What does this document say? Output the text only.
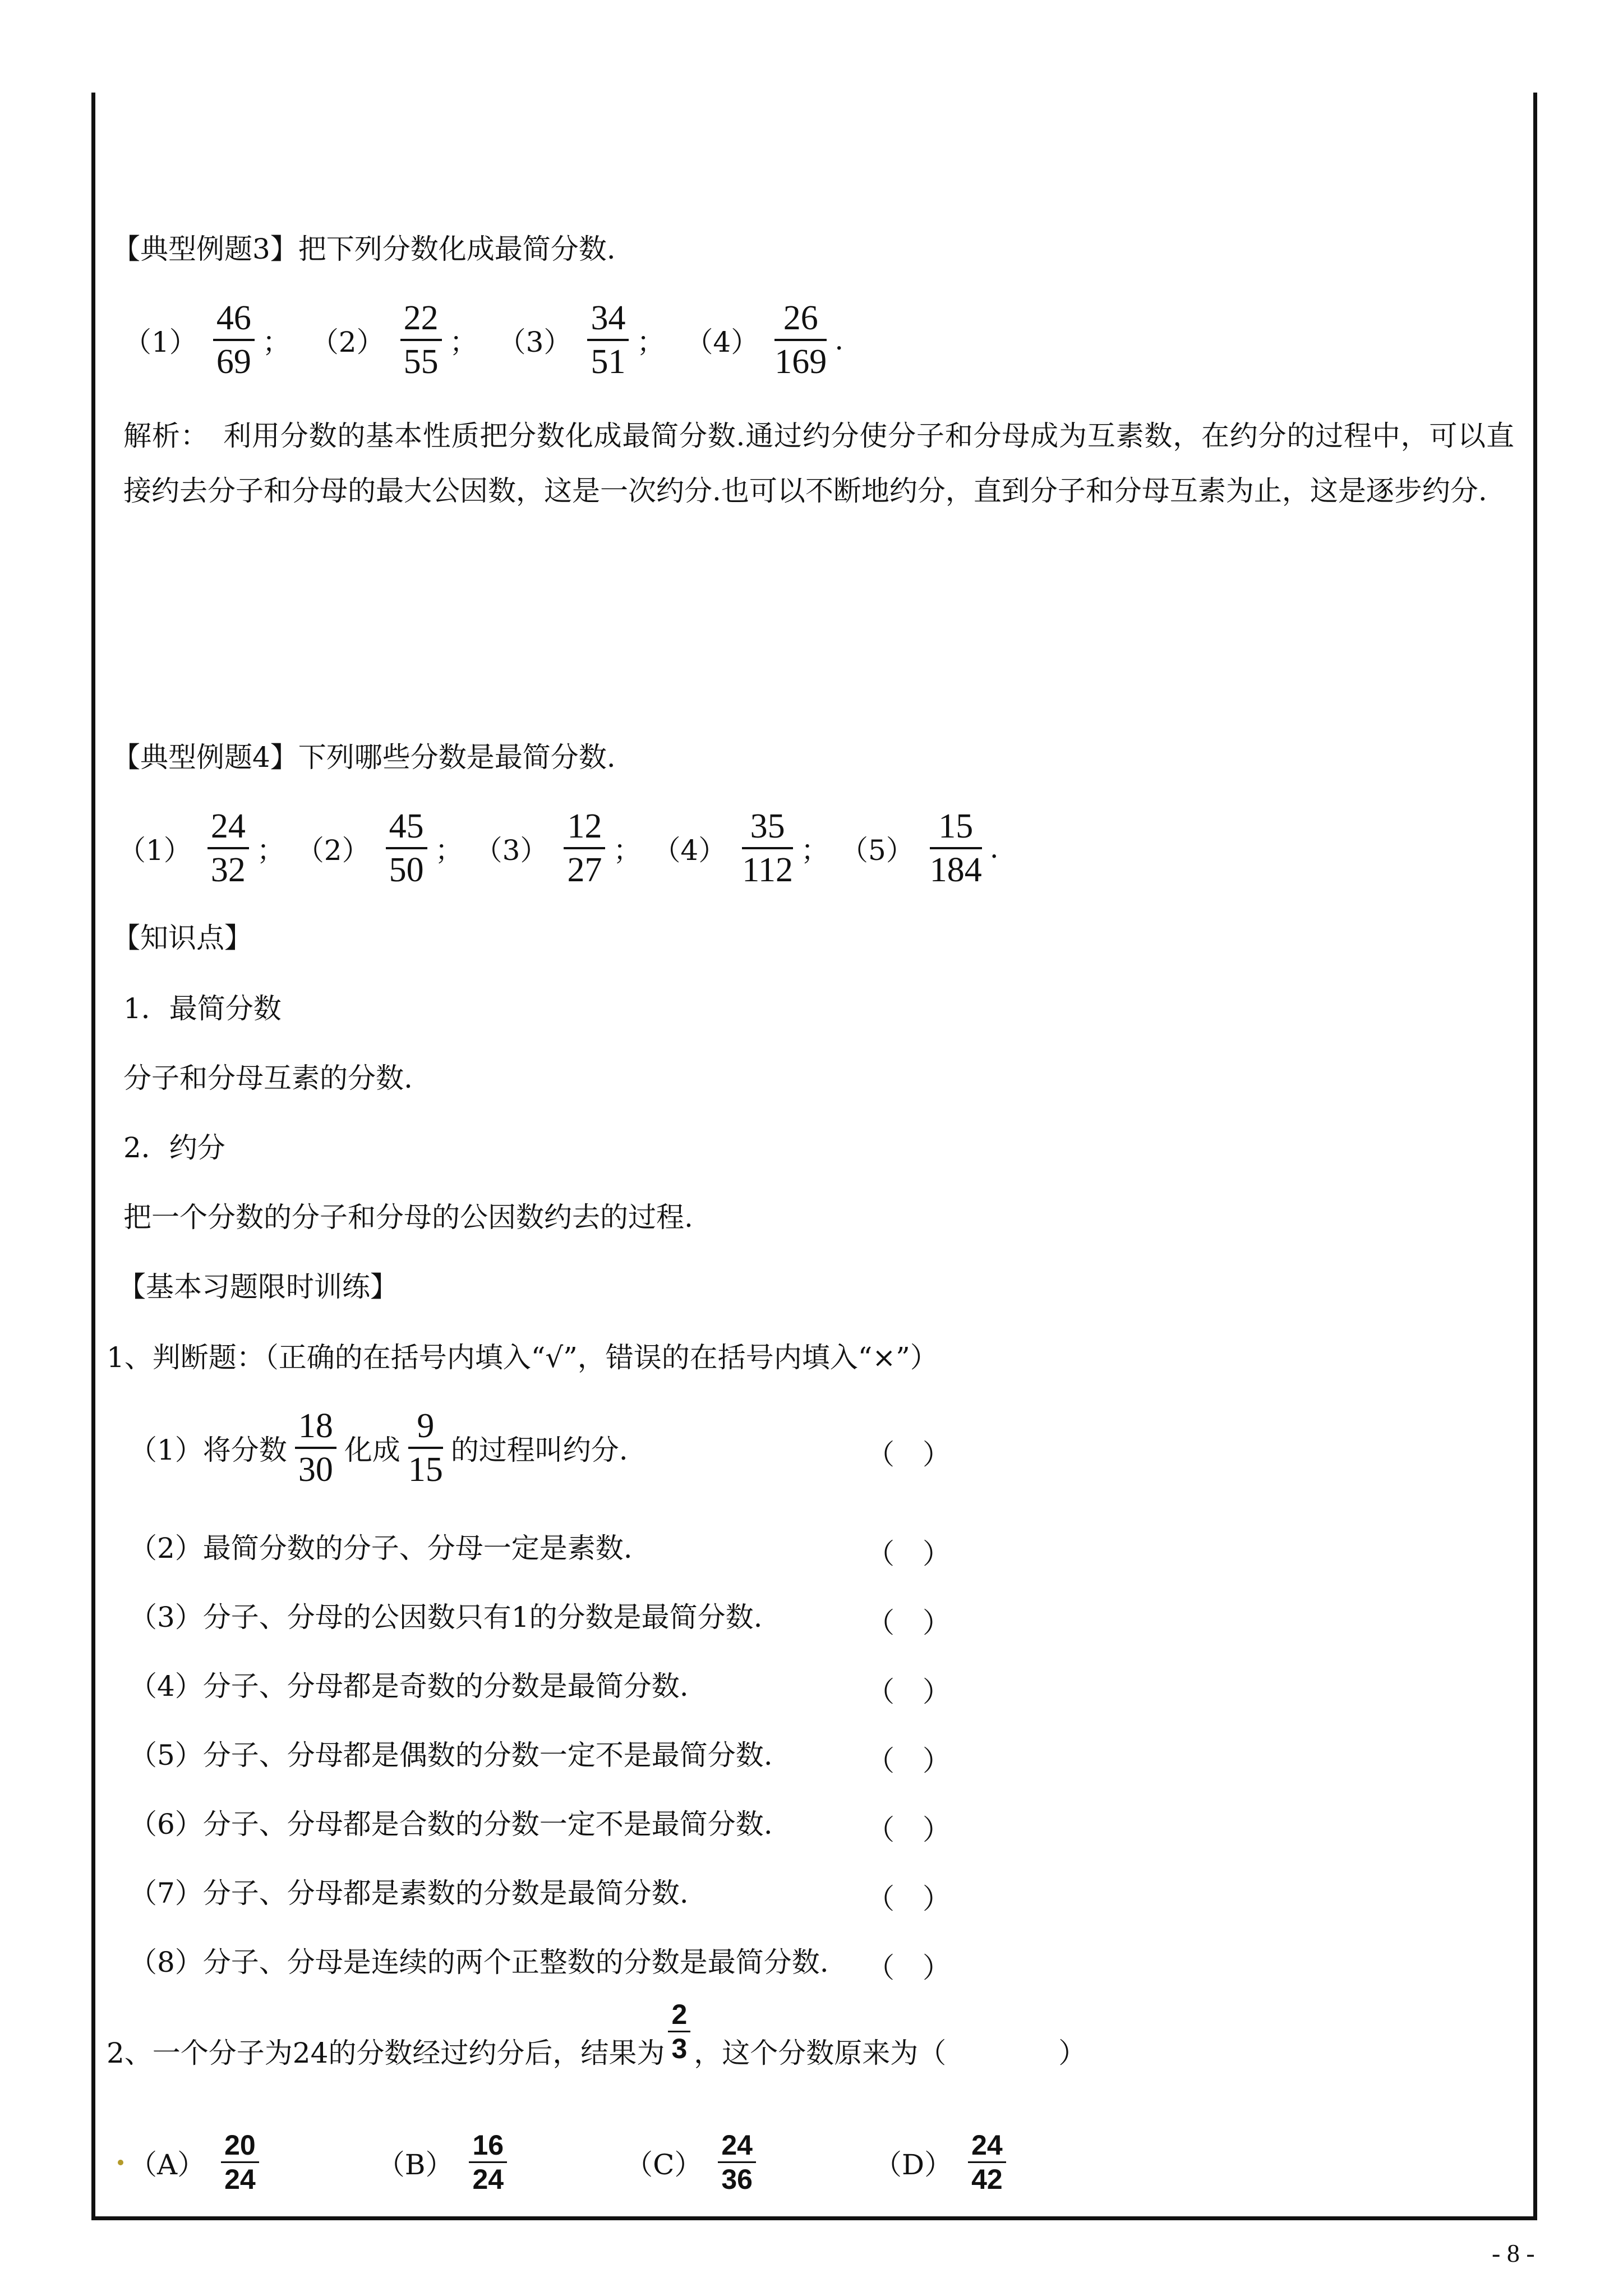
【典型例题3】把下列分数化成最简分数.
$(1) \frac{46}{69}$ ； $(2) \frac{22}{55}$ ； $(3) \frac{34}{51}$ ； $(4) \frac{26}{169}$ .
解析：　利用分数的基本性质把分数化成最简分数.通过约分使分子和分母成为互素数，在约分的过程中，可以直接约去分子和分母的最大公因数，这是一次约分.也可以不断地约分，直到分子和分母互素为止，这是逐步约分.
【典型例题4】下列哪些分数是最简分数.
$(1) \frac{24}{32}$ ； $(2) \frac{45}{50}$ ； $(3) \frac{12}{27}$ ； $(4) \frac{35}{112}$ ； $(5) \frac{15}{184}$ .
【知识点】
1．最简分数
分子和分母互素的分数.
2．约分
把一个分数的分子和分母的公因数约去的过程.
【基本习题限时训练】
1、判断题：（正确的在括号内填入“√”，错误的在括号内填入“×”）
（1）将分数 $\frac{18}{30}$ 化成 $\frac{9}{15}$ 的过程叫约分.	（　）
（2）最简分数的分子、分母一定是素数.	（　）
（3）分子、分母的公因数只有1的分数是最简分数.	（　）
（4）分子、分母都是奇数的分数是最简分数.	（　）
（5）分子、分母都是偶数的分数一定不是最简分数.	（　）
（6）分子、分母都是合数的分数一定不是最简分数.	（　）
（7）分子、分母都是素数的分数是最简分数.	（　）
（8）分子、分母是连续的两个正整数的分数是最简分数. （　）
2、一个分子为24的分数经过约分后，结果为 $\frac{2}{3}$ ，这个分数原来为（　　　　）
$(A) \frac{20}{24}$	$(B) \frac{16}{24}$	$(C) \frac{24}{36}$	$(D) \frac{24}{42}$
- 8 -
